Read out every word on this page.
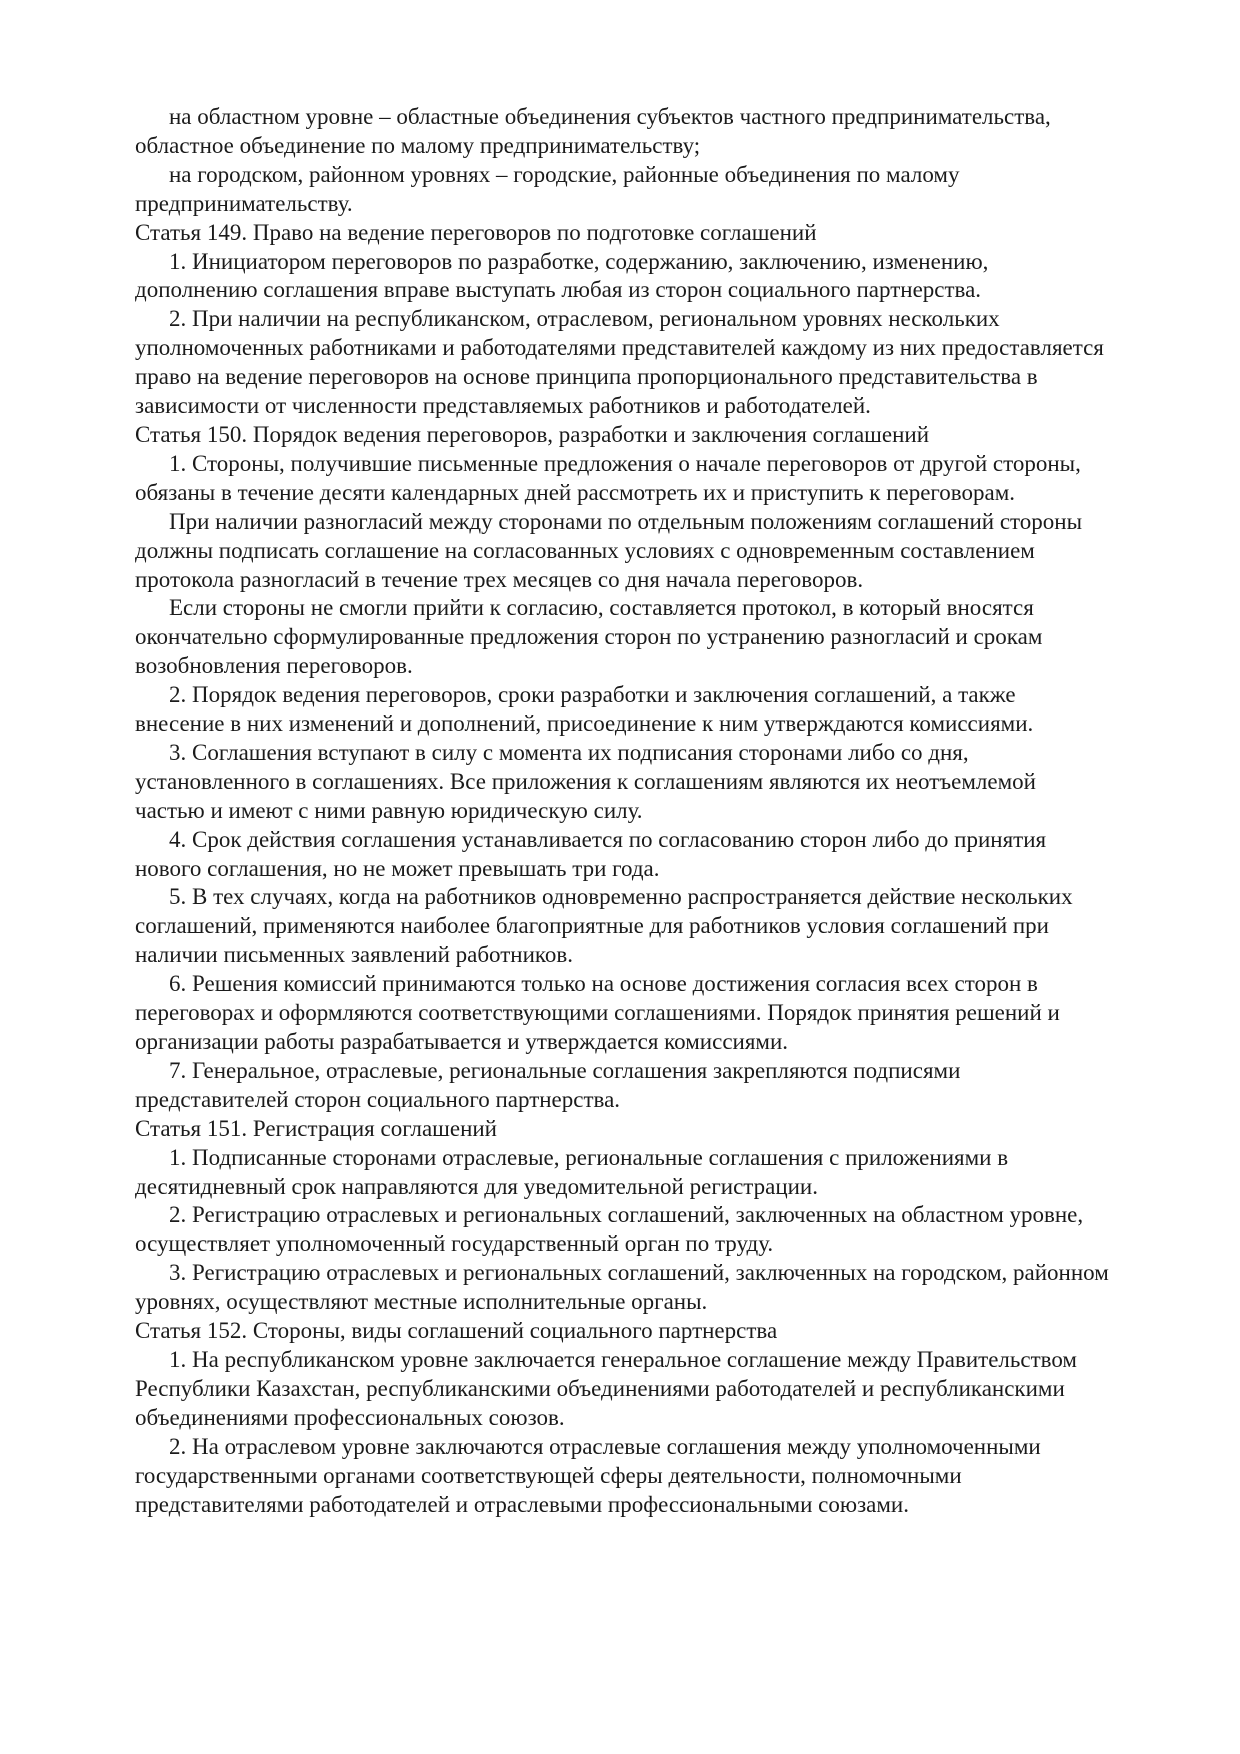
на областном уровне – областные объединения субъектов частного предпринимательства, областное объединение по малому предпринимательству;

на городском, районном уровнях – городские, районные объединения по малому предпринимательству.

Статья 149. Право на ведение переговоров по подготовке соглашений

1. Инициатором переговоров по разработке, содержанию, заключению, изменению, дополнению соглашения вправе выступать любая из сторон социального партнерства.

2. При наличии на республиканском, отраслевом, региональном уровнях нескольких уполномоченных работниками и работодателями представителей каждому из них предоставляется право на ведение переговоров на основе принципа пропорционального представительства в зависимости от численности представляемых работников и работодателей.

Статья 150. Порядок ведения переговоров, разработки и заключения соглашений

1. Стороны, получившие письменные предложения о начале переговоров от другой стороны, обязаны в течение десяти календарных дней рассмотреть их и приступить к переговорам.

При наличии разногласий между сторонами по отдельным положениям соглашений стороны должны подписать соглашение на согласованных условиях с одновременным составлением протокола разногласий в течение трех месяцев со дня начала переговоров.

Если стороны не смогли прийти к согласию, составляется протокол, в который вносятся окончательно сформулированные предложения сторон по устранению разногласий и срокам возобновления переговоров.

2. Порядок ведения переговоров, сроки разработки и заключения соглашений, а также внесение в них изменений и дополнений, присоединение к ним утверждаются комиссиями.

3. Соглашения вступают в силу с момента их подписания сторонами либо со дня, установленного в соглашениях. Все приложения к соглашениям являются их неотъемлемой частью и имеют с ними равную юридическую силу.

4. Срок действия соглашения устанавливается по согласованию сторон либо до принятия нового соглашения, но не может превышать три года.

5. В тех случаях, когда на работников одновременно распространяется действие нескольких соглашений, применяются наиболее благоприятные для работников условия соглашений при наличии письменных заявлений работников.

6. Решения комиссий принимаются только на основе достижения согласия всех сторон в переговорах и оформляются соответствующими соглашениями. Порядок принятия решений и организации работы разрабатывается и утверждается комиссиями.

7. Генеральное, отраслевые, региональные соглашения закрепляются подписями представителей сторон социального партнерства.

Статья 151. Регистрация соглашений

1. Подписанные сторонами отраслевые, региональные соглашения с приложениями в десятидневный срок направляются для уведомительной регистрации.

2. Регистрацию отраслевых и региональных соглашений, заключенных на областном уровне, осуществляет уполномоченный государственный орган по труду.

3. Регистрацию отраслевых и региональных соглашений, заключенных на городском, районном уровнях, осуществляют местные исполнительные органы.

Статья 152. Стороны, виды соглашений социального партнерства

1. На республиканском уровне заключается генеральное соглашение между Правительством Республики Казахстан, республиканскими объединениями работодателей и республиканскими объединениями профессиональных союзов.

2. На отраслевом уровне заключаются отраслевые соглашения между уполномоченными государственными органами соответствующей сферы деятельности, полномочными представителями работодателей и отраслевыми профессиональными союзами.
